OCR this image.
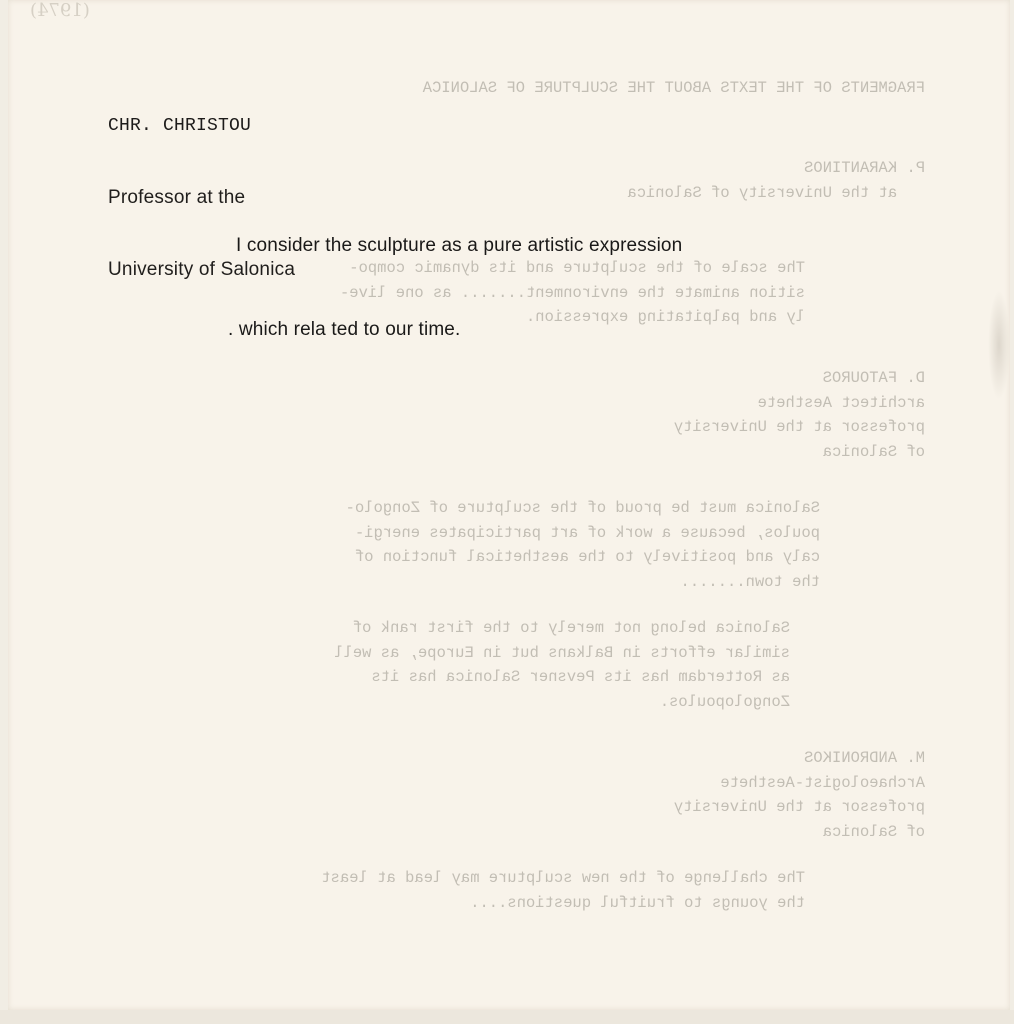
(1974)
FRAGMENTS OF THE TEXTS ABOUT THE SCULPTURE OF SALONICA
P. KARANTINOS
at the University of Salonica
The scale of the sculpture and its dynamic compo-
sition animate the environment....... as one live-
ly and palpitating expression.
D. FATOUROS
architect Aesthete
professor at the University
of Salonica
Salonica must be proud of the sculpture of Zongolo-
poulos, because a work of art participates energi-
caly and positively to the aesthetical function of
the town.......
Salonica belong not merely to the first rank of
similar efforts in Balkans but in Europe, as well
as Rotterdam has its Pevsner Salonica has its
Zongolopoulos.
M. ANDRONIKOS
Archaeologist-Aesthete
professor at the University
of Salonica
The challenge of the new sculpture may lead at least
the youngs to fruitful questions....

CHR. CHRISTOU

Professor at the

University of Salonica

I consider the sculpture as a pure artistic expression

. which rela ted to our time.
